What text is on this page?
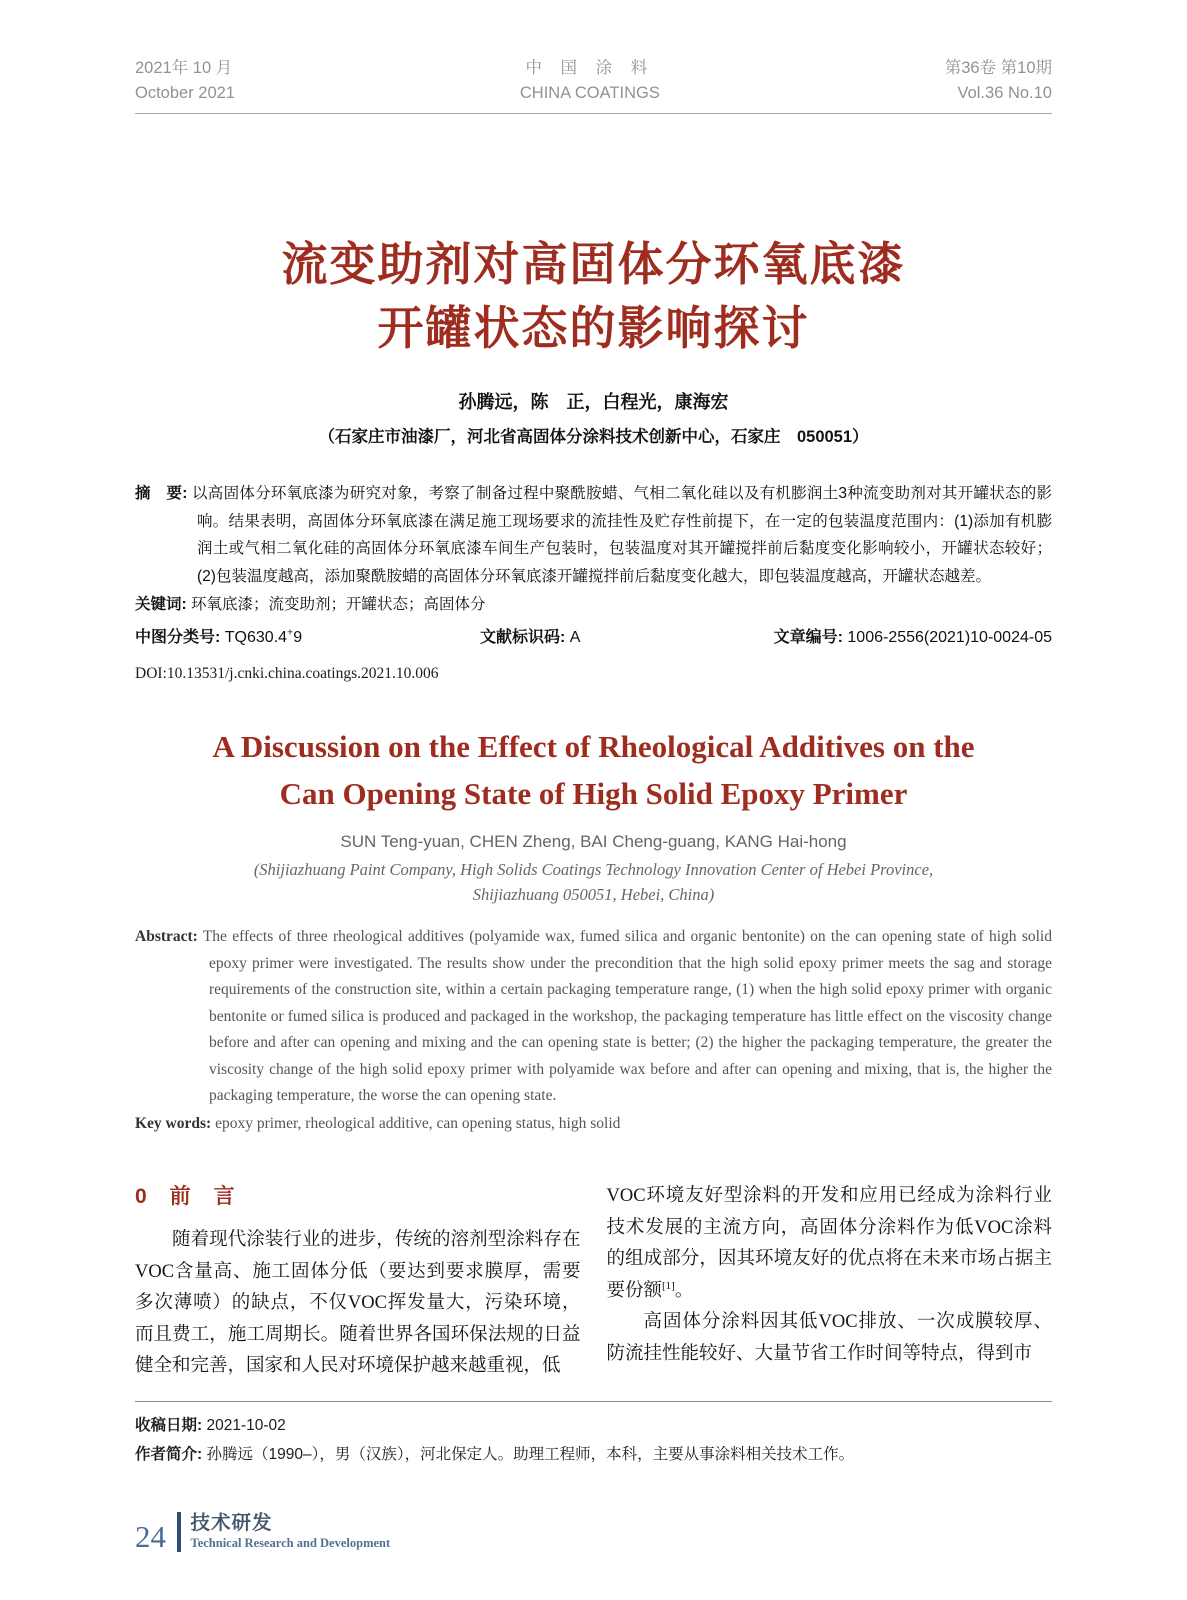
2021年 10 月
October 2021
中 国 涂 料
CHINA COATINGS
第36卷 第10期
Vol.36 No.10
流变助剂对高固体分环氧底漆
开罐状态的影响探讨
孙腾远，陈　正，白程光，康海宏
（石家庄市油漆厂，河北省高固体分涂料技术创新中心，石家庄　050051）

摘　要: 以高固体分环氧底漆为研究对象，考察了制备过程中聚酰胺蜡、气相二氧化硅以及有机膨润土3种流变助剂对其开罐状态的影响。结果表明，高固体分环氧底漆在满足施工现场要求的流挂性及贮存性前提下，在一定的包装温度范围内：(1)添加有机膨润土或气相二氧化硅的高固体分环氧底漆车间生产包装时，包装温度对其开罐搅拌前后黏度变化影响较小，开罐状态较好；(2)包装温度越高，添加聚酰胺蜡的高固体分环氧底漆开罐搅拌前后黏度变化越大，即包装温度越高，开罐状态越差。

关键词: 环氧底漆；流变助剂；开罐状态；高固体分

中图分类号: TQ630.4+9	文献标识码: A	文章编号: 1006-2556(2021)10-0024-05
DOI:10.13531/j.cnki.china.coatings.2021.10.006
A Discussion on the Effect of Rheological Additives on the
Can Opening State of High Solid Epoxy Primer
SUN Teng-yuan, CHEN Zheng, BAI Cheng-guang, KANG Hai-hong
(Shijiazhuang Paint Company, High Solids Coatings Technology Innovation Center of Hebei Province,
Shijiazhuang 050051, Hebei, China)

Abstract: The effects of three rheological additives (polyamide wax, fumed silica and organic bentonite) on the can opening state of high solid epoxy primer were investigated. The results show under the precondition that the high solid epoxy primer meets the sag and storage requirements of the construction site, within a certain packaging temperature range, (1) when the high solid epoxy primer with organic bentonite or fumed silica is produced and packaged in the workshop, the packaging temperature has little effect on the viscosity change before and after can opening and mixing and the can opening state is better; (2) the higher the packaging temperature, the greater the viscosity change of the high solid epoxy primer with polyamide wax before and after can opening and mixing, that is, the higher the packaging temperature, the worse the can opening state.

Key words: epoxy primer, rheological additive, can opening status, high solid

0　前　言

随着现代涂装行业的进步，传统的溶剂型涂料存在VOC含量高、施工固体分低（要达到要求膜厚，需要多次薄喷）的缺点，不仅VOC挥发量大，污染环境，而且费工，施工周期长。随着世界各国环保法规的日益健全和完善，国家和人民对环境保护越来越重视，低

VOC环境友好型涂料的开发和应用已经成为涂料行业技术发展的主流方向，高固体分涂料作为低VOC涂料的组成部分，因其环境友好的优点将在未来市场占据主要份额[1]。

高固体分涂料因其低VOC排放、一次成膜较厚、防流挂性能较好、大量节省工作时间等特点，得到市

收稿日期: 2021-10-02
作者简介: 孙腾远（1990–），男（汉族），河北保定人。助理工程师，本科，主要从事涂料相关技术工作。
24 技术研发
Technical Research and Development
